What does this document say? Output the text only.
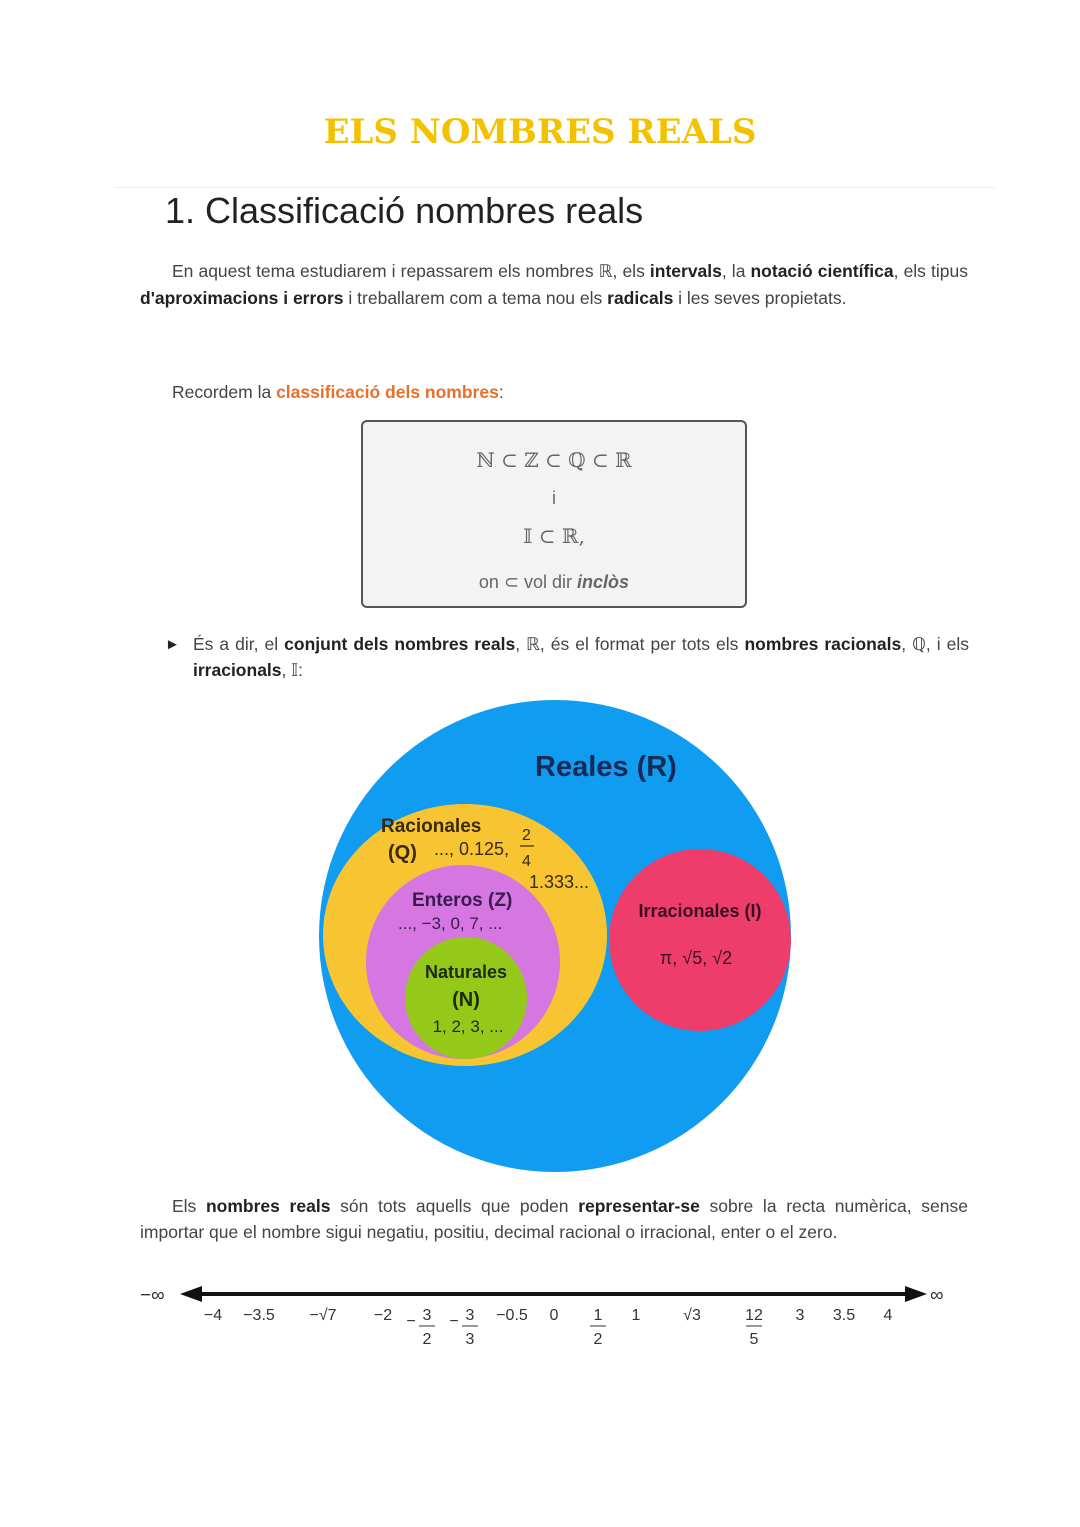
ELS NOMBRES REALS
1. Classificació nombres reals

En aquest tema estudiarem i repassarem els nombres ℝ, els intervals, la notació científica, els tipus d'aproximacions i errors i treballarem com a tema nou els radicals i les seves propietats.

Recordem la classificació dels nombres:

ℕ ⊂ ℤ ⊂ ℚ ⊂ ℝ
i
𝕀 ⊂ ℝ,
on ⊂ vol dir inclòs
► És a dir, el conjunt dels nombres reals, ℝ, és el format per tots els nombres racionals, ℚ, i els irracionals, 𝕀:

Reales (R)
Racionales
(Q) ..., 0.125,
2
4
1.333...
Enteros (Z)
..., −3, 0, 7, ...
Naturales
(N)
1, 2, 3, ...
Irracionales (I)
π, √5, √2

Els nombres reals són tots aquells que poden representar-se sobre la recta numèrica, sense importar que el nombre sigui negatiu, positiu, decimal racional o irracional, enter o el zero.

−∞	∞
−4 −3.5 −√7 −2 − 3
2
− 3
3
−0.5 0 1
2
1	√3	12
5
3 3.5 4
